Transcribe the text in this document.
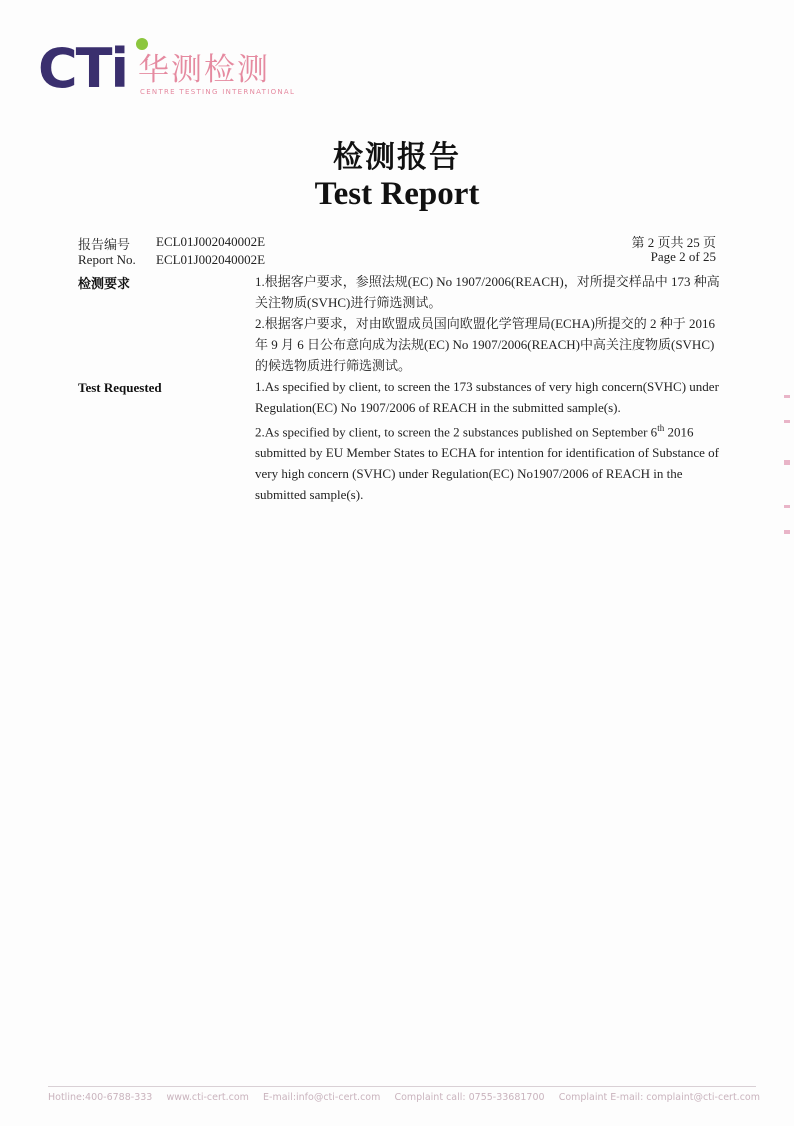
CTi 华测检测
CENTRE TESTING INTERNATIONAL
检测报告
Test Report
报告编号 ECL01J002040002E
Report No. ECL01J002040002E
第 2 页共 25 页
Page 2 of 25
检测要求	1.根据客户要求，参照法规(EC) No 1907/2006(REACH)，对所提交样品中 173 种高关注物质(SVHC)进行筛选测试。

2.根据客户要求，对由欧盟成员国向欧盟化学管理局(ECHA)所提交的 2 种于 2016 年 9 月 6 日公布意向成为法规(EC) No 1907/2006(REACH)中高关注度物质(SVHC)的候选物质进行筛选测试。

Test Requested	1.As specified by client, to screen the 173 substances of very high concern(SVHC) under Regulation(EC) No 1907/2006 of REACH in the submitted sample(s).

2.As specified by client, to screen the 2 substances published on September 6th 2016 submitted by EU Member States to ECHA for intention for identification of Substance of very high concern (SVHC) under Regulation(EC) No1907/2006 of REACH in the submitted sample(s).

Hotline:400-6788-333 www.cti-cert.com E-mail:info@cti-cert.com Complaint call: 0755-33681700 Complaint E-mail: complaint@cti-cert.com
